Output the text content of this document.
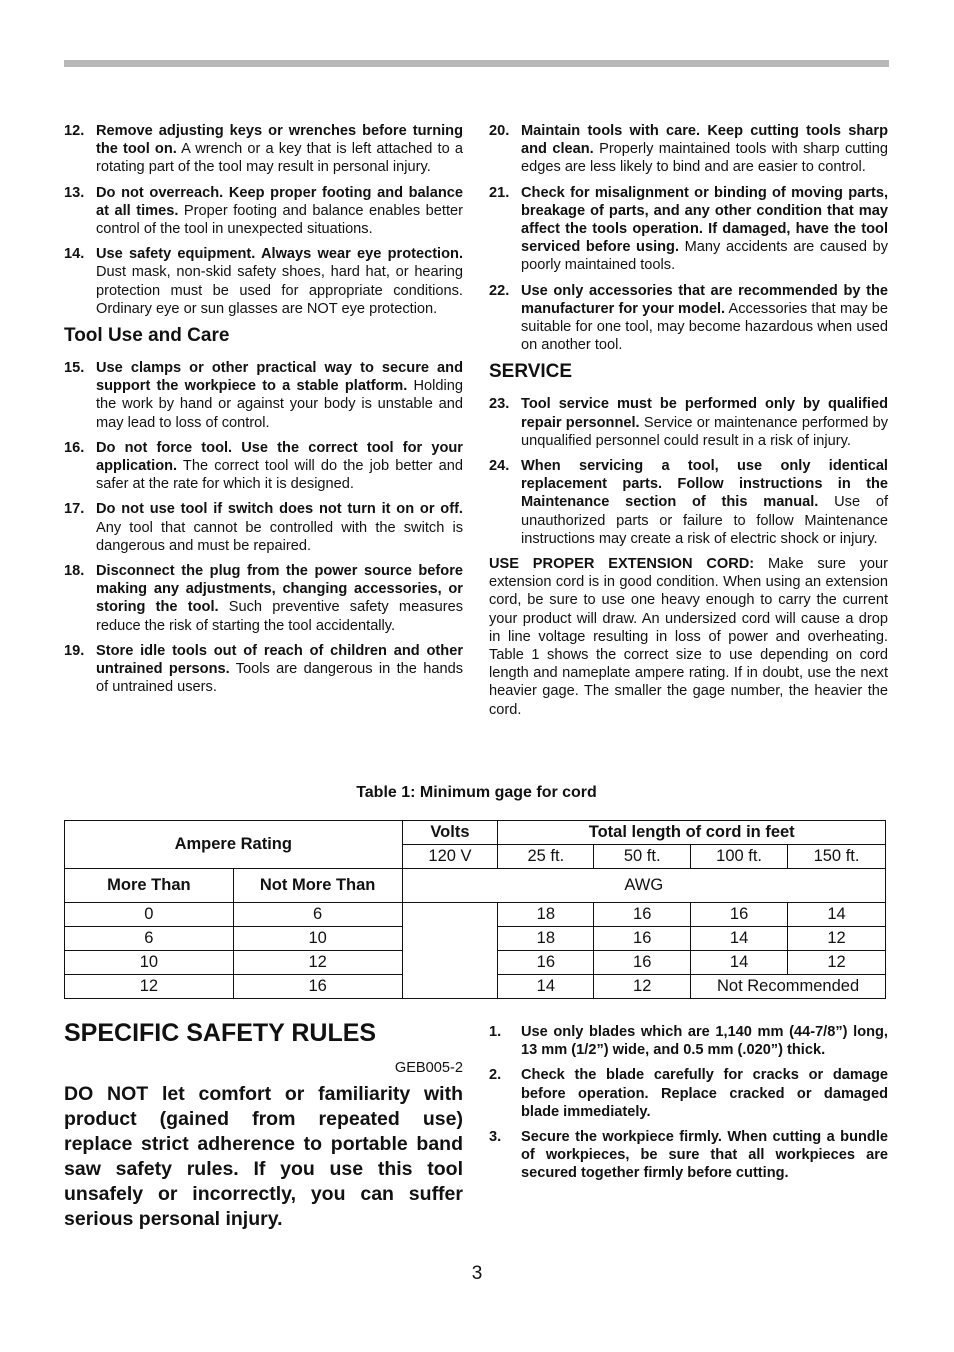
12. Remove adjusting keys or wrenches before turning the tool on. A wrench or a key that is left attached to a rotating part of the tool may result in personal injury.
13. Do not overreach. Keep proper footing and balance at all times. Proper footing and balance enables better control of the tool in unexpected situations.
14. Use safety equipment. Always wear eye protection. Dust mask, non-skid safety shoes, hard hat, or hearing protection must be used for appropriate conditions. Ordinary eye or sun glasses are NOT eye protection.
Tool Use and Care
15. Use clamps or other practical way to secure and support the workpiece to a stable platform. Holding the work by hand or against your body is unstable and may lead to loss of control.
16. Do not force tool. Use the correct tool for your application. The correct tool will do the job better and safer at the rate for which it is designed.
17. Do not use tool if switch does not turn it on or off. Any tool that cannot be controlled with the switch is dangerous and must be repaired.
18. Disconnect the plug from the power source before making any adjustments, changing accessories, or storing the tool. Such preventive safety measures reduce the risk of starting the tool accidentally.
19. Store idle tools out of reach of children and other untrained persons. Tools are dangerous in the hands of untrained users.
20. Maintain tools with care. Keep cutting tools sharp and clean. Properly maintained tools with sharp cutting edges are less likely to bind and are easier to control.
21. Check for misalignment or binding of moving parts, breakage of parts, and any other condition that may affect the tools operation. If damaged, have the tool serviced before using. Many accidents are caused by poorly maintained tools.
22. Use only accessories that are recommended by the manufacturer for your model. Accessories that may be suitable for one tool, may become hazardous when used on another tool.
SERVICE
23. Tool service must be performed only by qualified repair personnel. Service or maintenance performed by unqualified personnel could result in a risk of injury.
24. When servicing a tool, use only identical replacement parts. Follow instructions in the Maintenance section of this manual. Use of unauthorized parts or failure to follow Maintenance instructions may create a risk of electric shock or injury.

USE PROPER EXTENSION CORD: Make sure your extension cord is in good condition. When using an extension cord, be sure to use one heavy enough to carry the current your product will draw. An undersized cord will cause a drop in line voltage resulting in loss of power and overheating. Table 1 shows the correct size to use depending on cord length and nameplate ampere rating. If in doubt, use the next heavier gage. The smaller the gage number, the heavier the cord.

Table 1: Minimum gage for cord
Ampere Rating		Volts	Total length of cord in feet			
		120 V	25 ft.	50 ft.	100 ft.	150 ft.
More Than	Not More Than	AWG				
0	6		18	16	16	14
6	10		18	16	14	12
10	12		16	16	14	12
12	16		14	12	Not Recommended	
SPECIFIC SAFETY RULES
GEB005-2
DO NOT let comfort or familiarity with product (gained from repeated use) replace strict adherence to portable band saw safety rules. If you use this tool unsafely or incorrectly, you can suffer serious personal injury.
1.	Use only blades which are 1,140 mm (44-7/8”) long, 13 mm (1/2”) wide, and 0.5 mm (.020”) thick.
2.	Check the blade carefully for cracks or damage before operation. Replace cracked or damaged blade immediately.
3.	Secure the workpiece firmly. When cutting a bundle of workpieces, be sure that all workpieces are secured together firmly before cutting.
3
